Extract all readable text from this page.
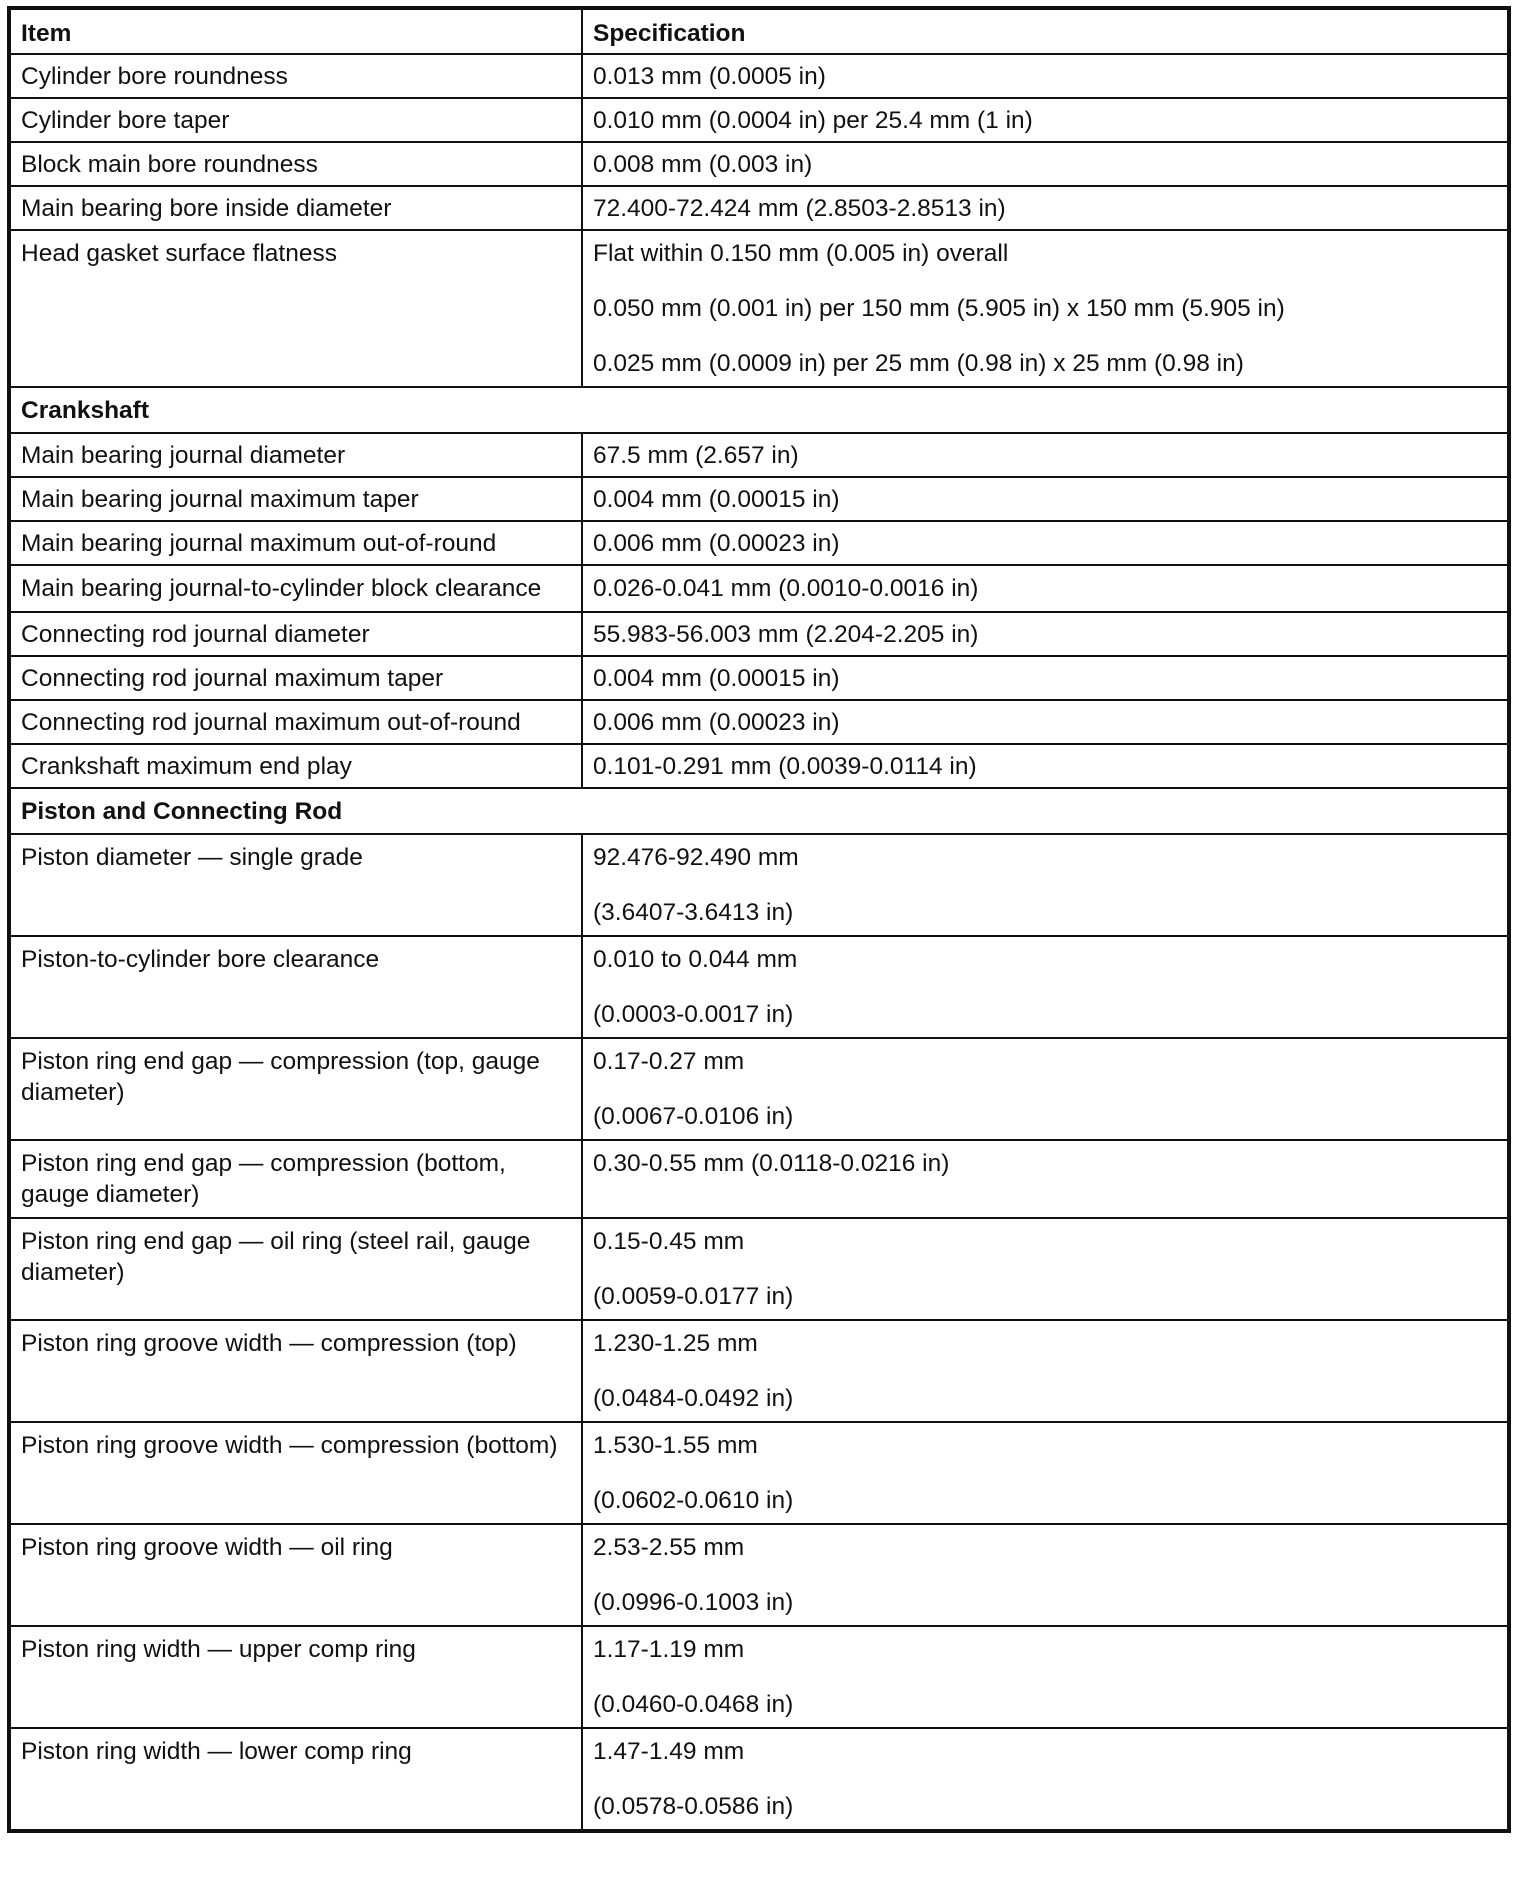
Item	Specification
Cylinder bore roundness	0.013 mm (0.0005 in)

Cylinder bore taper	0.010 mm (0.0004 in) per 25.4 mm (1 in)

Block main bore roundness	0.008 mm (0.003 in)

Main bearing bore inside diameter	72.400-72.424 mm (2.8503-2.8513 in)

Head gasket surface flatness	Flat within 0.150 mm (0.005 in) overall
0.050 mm (0.001 in) per 150 mm (5.905 in) x 150 mm (5.905 in)
0.025 mm (0.0009 in) per 25 mm (0.98 in) x 25 mm (0.98 in)

Crankshaft	
Main bearing journal diameter	67.5 mm (2.657 in)

Main bearing journal maximum taper	0.004 mm (0.00015 in)

Main bearing journal maximum out-of-round	0.006 mm (0.00023 in)

Main bearing journal-to-cylinder block clearance	0.026-0.041 mm (0.0010-0.0016 in)

Connecting rod journal diameter	55.983-56.003 mm (2.204-2.205 in)

Connecting rod journal maximum taper	0.004 mm (0.00015 in)

Connecting rod journal maximum out-of-round	0.006 mm (0.00023 in)

Crankshaft maximum end play	0.101-0.291 mm (0.0039-0.0114 in)

Piston and Connecting Rod	
Piston diameter — single grade	92.476-92.490 mm
(3.6407-3.6413 in)

Piston-to-cylinder bore clearance	0.010 to 0.044 mm
(0.0003-0.0017 in)

Piston ring end gap — compression (top, gauge diameter)	0.17-0.27 mm
(0.0067-0.0106 in)

Piston ring end gap — compression (bottom, gauge diameter)	0.30-0.55 mm (0.0118-0.0216 in)

Piston ring end gap — oil ring (steel rail, gauge diameter)	0.15-0.45 mm
(0.0059-0.0177 in)

Piston ring groove width — compression (top)	1.230-1.25 mm
(0.0484-0.0492 in)

Piston ring groove width — compression (bottom)	1.530-1.55 mm
(0.0602-0.0610 in)

Piston ring groove width — oil ring	2.53-2.55 mm
(0.0996-0.1003 in)

Piston ring width — upper comp ring	1.17-1.19 mm
(0.0460-0.0468 in)

Piston ring width — lower comp ring	1.47-1.49 mm
(0.0578-0.0586 in)
